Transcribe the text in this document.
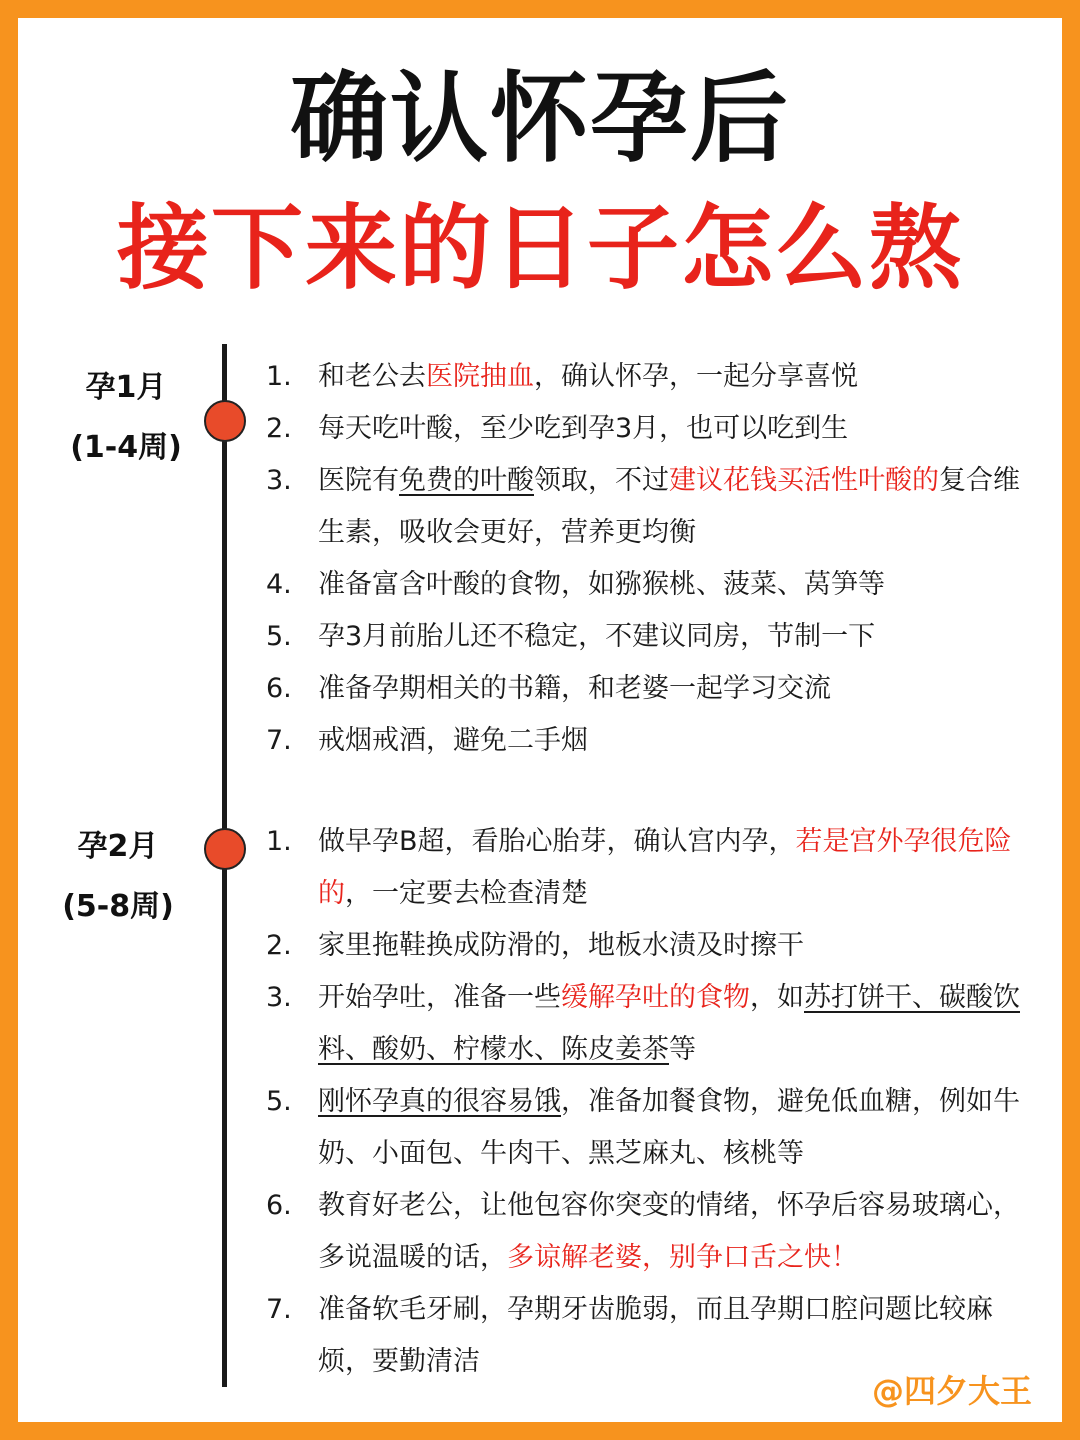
确认怀孕后
接下来的日子怎么熬
孕1月
(1-4周)
1. 和老公去医院抽血，确认怀孕，一起分享喜悦
2. 每天吃叶酸，至少吃到孕3月，也可以吃到生
3. 医院有免费的叶酸领取，不过建议花钱买活性叶酸的复合维生素，吸收会更好，营养更均衡
4. 准备富含叶酸的食物，如猕猴桃、菠菜、莴笋等
5. 孕3月前胎儿还不稳定，不建议同房，节制一下
6. 准备孕期相关的书籍，和老婆一起学习交流
7. 戒烟戒酒，避免二手烟
孕2月
(5-8周)
1. 做早孕B超，看胎心胎芽，确认宫内孕，若是宫外孕很危险的，一定要去检查清楚
2. 家里拖鞋换成防滑的，地板水渍及时擦干
3. 开始孕吐，准备一些缓解孕吐的食物，如苏打饼干、碳酸饮料、酸奶、柠檬水、陈皮姜茶等
5. 刚怀孕真的很容易饿，准备加餐食物，避免低血糖，例如牛奶、小面包、牛肉干、黑芝麻丸、核桃等
6. 教育好老公，让他包容你突变的情绪，怀孕后容易玻璃心，多说温暖的话，多谅解老婆，别争口舌之快！
7. 准备软毛牙刷，孕期牙齿脆弱，而且孕期口腔问题比较麻烦，要勤清洁
@四夕大王
